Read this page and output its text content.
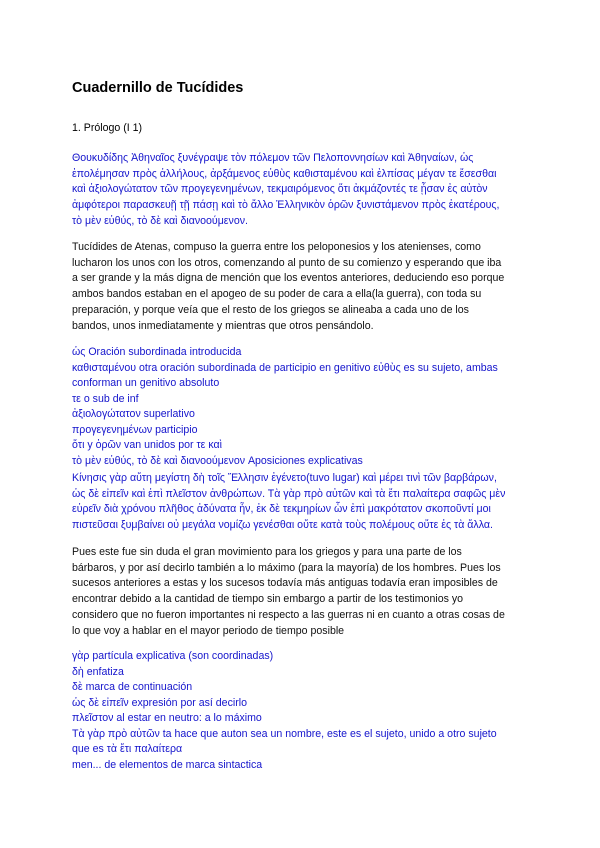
Cuadernillo de Tucídides
1. Prólogo (I 1)
Θουκυδίδης Ἀθηναῖος ξυνέγραψε τὸν πόλεμον τῶν Πελοποννησίων καὶ Ἀθηναίων, ὡς
ἐπολέμησαν πρὸς ἀλλήλους, ἀρξάμενος εὐθὺς καθισταμένου καὶ ἐλπίσας μέγαν τε ἔσεσθαι
καὶ ἀξιολογώτατον τῶν προγεγενημένων, τεκμαιρόμενος ὅτι ἀκμάζοντές τε ᾖσαν ἐς αὐτὸν
ἀμφότεροι παρασκευῇ τῇ πάσῃ καὶ τὸ ἄλλο Ἑλληνικὸν ὁρῶν ξυνιστάμενον πρὸς ἑκατέρους,
τὸ μὲν εὐθύς, τὸ δὲ καὶ διανοούμενον.
Tucídides de Atenas, compuso la guerra entre los peloponesios y los atenienses, como
lucharon los unos con los otros, comenzando al punto de su comienzo y esperando que iba
a ser grande y la más digna de mención que los eventos anteriores, deduciendo eso porque
ambos bandos estaban en el apogeo de su poder de cara a ella(la guerra), con toda su
preparación, y porque veía que el resto de los griegos se alineaba a cada uno de los
bandos, unos inmediatamente y mientras que otros pensándolo.
ὡς Oración subordinada introducida
καθισταμένου otra oración subordinada de participio en genitivo εὐθὺς es su sujeto, ambas
conforman un genitivo absoluto
τε o sub de inf
ἀξιολογώτατον superlativo
προγεγενημένων participio
ὅτι y ὁρῶν van unidos por τε καὶ
τὸ μὲν εὐθύς, τὸ δὲ καὶ διανοούμενον Aposiciones explicativas
Κίνησις γὰρ αὕτη μεγίστη δὴ τοῖς Ἕλλησιν ἐγένετο(tuvo lugar) καὶ μέρει τινὶ τῶν βαρβάρων,
ὡς δὲ εἰπεῖν καὶ ἐπὶ πλεῖστον ἀνθρώπων. Τὰ γὰρ πρὸ αὐτῶν καὶ τὰ ἔτι παλαίτερα σαφῶς μὲν
εὑρεῖν διὰ χρόνου πλῆθος ἀδύνατα ἦν, ἐκ δὲ τεκμηρίων ὧν ἐπὶ μακρότατον σκοποῦντί μοι
πιστεῦσαι ξυμβαίνει οὐ μεγάλα νομίζω γενέσθαι οὔτε κατὰ τοὺς πολέμους οὔτε ἐς τὰ ἄλλα.
Pues este fue sin duda el gran movimiento para los griegos y para una parte de los
bárbaros, y por así decirlo también a lo máximo (para la mayoría) de los hombres. Pues los
sucesos anteriores a estas y los sucesos todavía más antiguas todavía eran imposibles de
encontrar debido a la cantidad de tiempo sin embargo a partir de los testimonios yo
considero que no fueron importantes ni respecto a las guerras ni en cuanto a otras cosas de
lo que voy a hablar en el mayor periodo de tiempo posible
γὰρ partícula explicativa (son coordinadas)
δὴ enfatiza
δὲ marca de continuación
ὡς δὲ εἰπεῖν expresión por así decirlo
πλεῖστον al estar en neutro: a lo máximo
Τὰ γὰρ πρὸ αὐτῶν ta hace que auton sea un nombre, este es el sujeto, unido a otro sujeto
que es τὰ ἔτι παλαίτερα
men... de elementos de marca sintactica
